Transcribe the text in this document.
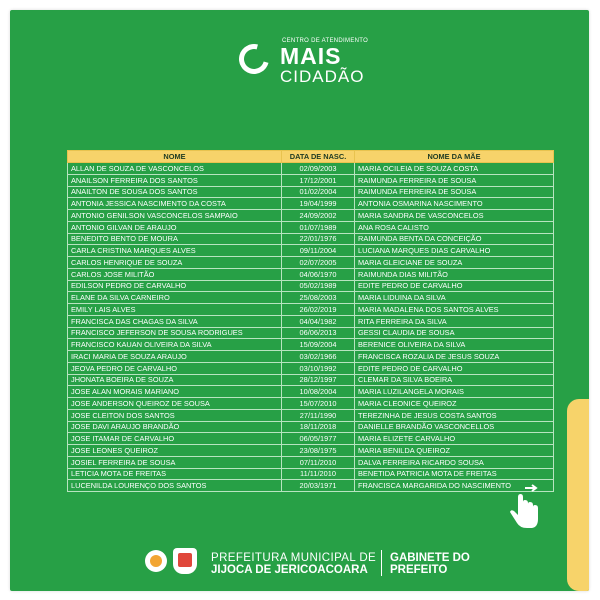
CENTRO DE ATENDIMENTO
MAIS
CIDADÃO
NOME	DATA DE NASC.	NOME DA MÃE
ALLAN DE SOUZA DE VASCONCELOS	02/09/2003	MARIA OCILEIA DE SOUZA COSTA
ANAILSON FERREIRA DOS SANTOS	17/12/2001	RAIMUNDA FERREIRA DE SOUSA
ANAILTON DE SOUSA DOS SANTOS	01/02/2004	RAIMUNDA FERREIRA DE SOUSA
ANTONIA JESSICA NASCIMENTO DA COSTA	19/04/1999	ANTONIA OSMARINA NASCIMENTO
ANTONIO GENILSON VASCONCELOS SAMPAIO	24/09/2002	MARIA SANDRA DE VASCONCELOS
ANTONIO GILVAN DE ARAUJO	01/07/1989	ANA ROSA CALISTO
BENEDITO BENTO DE MOURA	22/01/1976	RAIMUNDA BENTA DA CONCEIÇÃO
CARLA CRISTINA MARQUES ALVES	09/11/2004	LUCIANA MARQUES DIAS CARVALHO
CARLOS HENRIQUE DE SOUZA	02/07/2005	MARIA GLEICIANE DE SOUZA
CARLOS JOSE MILITÃO	04/06/1970	RAIMUNDA DIAS MILITÃO
EDILSON PEDRO DE CARVALHO	05/02/1989	EDITE PEDRO DE CARVALHO
ELANE DA SILVA CARNEIRO	25/08/2003	MARIA LIDUINA DA SILVA
EMILY LAIS ALVES	26/02/2019	MARIA MADALENA DOS SANTOS ALVES
FRANCISCA DAS CHAGAS DA SILVA	04/04/1982	RITA FERREIRA DA SILVA
FRANCISCO JEFERSON DE SOUSA RODRIGUES	06/06/2013	GESSI CLAUDIA DE SOUSA
FRANCISCO KAUAN OLIVEIRA DA SILVA	15/09/2004	BERENICE OLIVEIRA DA SILVA
IRACI MARIA DE SOUZA ARAUJO	03/02/1966	FRANCISCA ROZALIA DE JESUS SOUZA
JEOVA PEDRO DE CARVALHO	03/10/1992	EDITE PEDRO DE CARVALHO
JHONATA BOEIRA DE SOUZA	28/12/1997	CLEMAR DA SILVA BOEIRA
JOSE ALAN MORAIS MARIANO	10/08/2004	MARIA LUZILANGELA MORAIS
JOSE ANDERSON QUEIROZ DE SOUSA	15/07/2010	MARIA CLEONICE QUEIROZ
JOSE CLEITON DOS SANTOS	27/11/1990	TEREZINHA DE JESUS COSTA SANTOS
JOSE DAVI ARAUJO BRANDÃO	18/11/2018	DANIELLE BRANDÃO VASCONCELLOS
JOSE ITAMAR DE CARVALHO	06/05/1977	MARIA ELIZETE CARVALHO
JOSE LEONES QUEIROZ	23/08/1975	MARIA BENILDA QUEIROZ
JOSIEL FERREIRA DE SOUSA	07/11/2010	DALVA FERREIRA RICARDO SOUSA
LETICIA MOTA DE FREITAS	11/11/2010	BENETIDA PATRICIA MOTA DE FREITAS
LUCENILDA LOURENÇO DOS SANTOS	20/03/1971	FRANCISCA MARGARIDA DO NASCIMENTO
PREFEITURA MUNICIPAL DE
JIJOCA DE JERICOACOARA
GABINETE DO
PREFEITO
